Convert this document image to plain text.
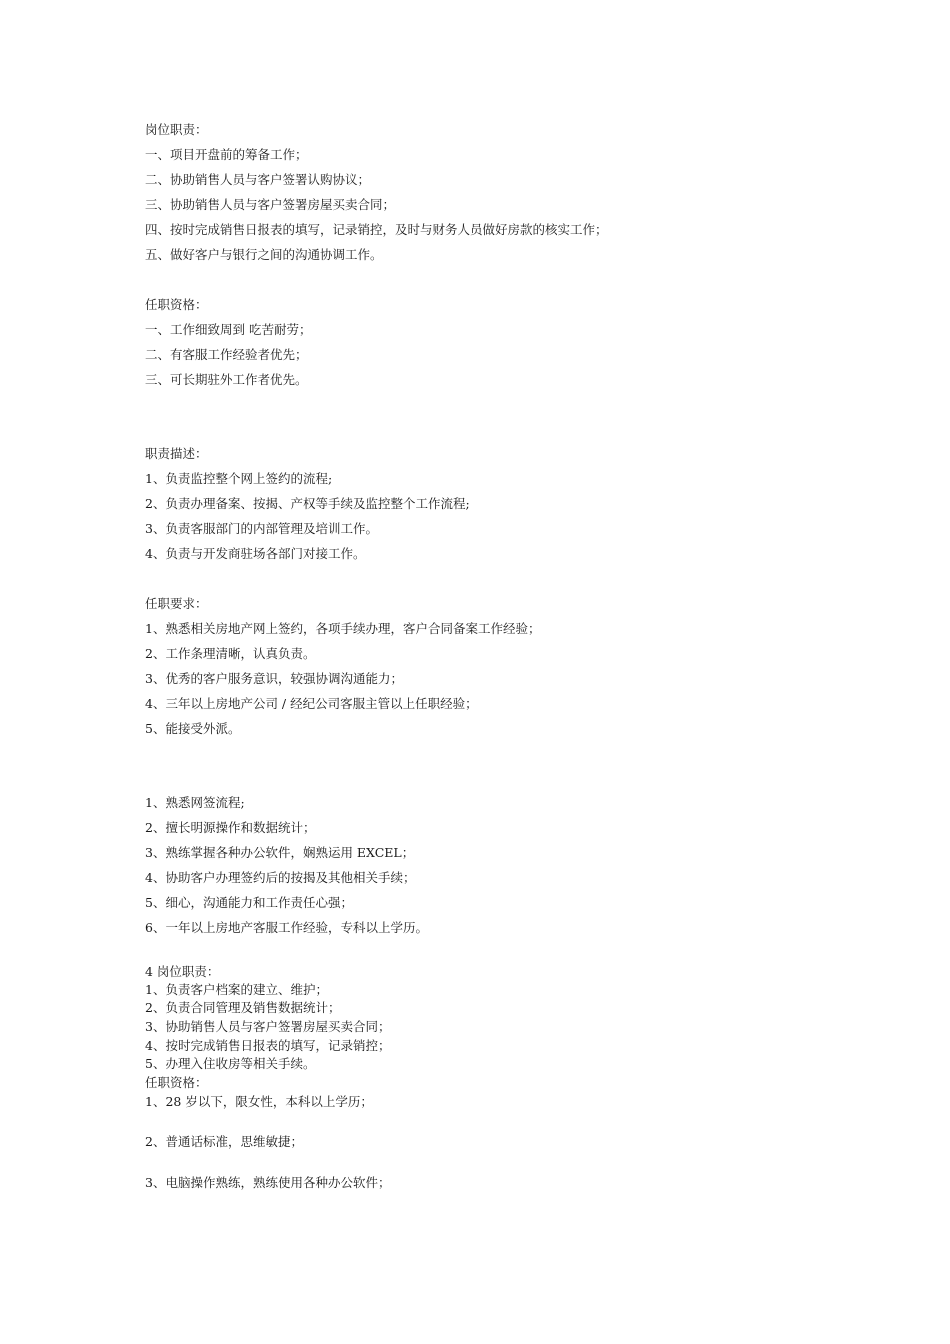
岗位职责：
一、项目开盘前的筹备工作；
二、协助销售人员与客户签署认购协议；
三、协助销售人员与客户签署房屋买卖合同；
四、按时完成销售日报表的填写，记录销控，及时与财务人员做好房款的核实工作；
五、做好客户与银行之间的沟通协调工作。
任职资格：
一、工作细致周到 吃苦耐劳；
二、有客服工作经验者优先；
三、可长期驻外工作者优先。
职责描述：
1、负责监控整个网上签约的流程;
2、负责办理备案、按揭、产权等手续及监控整个工作流程;
3、负责客服部门的内部管理及培训工作。
4、负责与开发商驻场各部门对接工作。
任职要求：
1、熟悉相关房地产网上签约，各项手续办理，客户合同备案工作经验；
2、工作条理清晰，认真负责。
3、优秀的客户服务意识，较强协调沟通能力；
4、三年以上房地产公司 / 经纪公司客服主管以上任职经验；
5、能接受外派。
1、熟悉网签流程;
2、擅长明源操作和数据统计；
3、熟练掌握各种办公软件，娴熟运用 EXCEL；
4、协助客户办理签约后的按揭及其他相关手续；
5、细心，沟通能力和工作责任心强；
6、一年以上房地产客服工作经验，专科以上学历。
4 岗位职责：
1、负责客户档案的建立、维护；
2、负责合同管理及销售数据统计；
3、协助销售人员与客户签署房屋买卖合同；
4、按时完成销售日报表的填写，记录销控；
5、办理入住收房等相关手续。
任职资格：
1、28 岁以下，限女性，本科以上学历；
2、普通话标准，思维敏捷；
3、电脑操作熟练，熟练使用各种办公软件；
